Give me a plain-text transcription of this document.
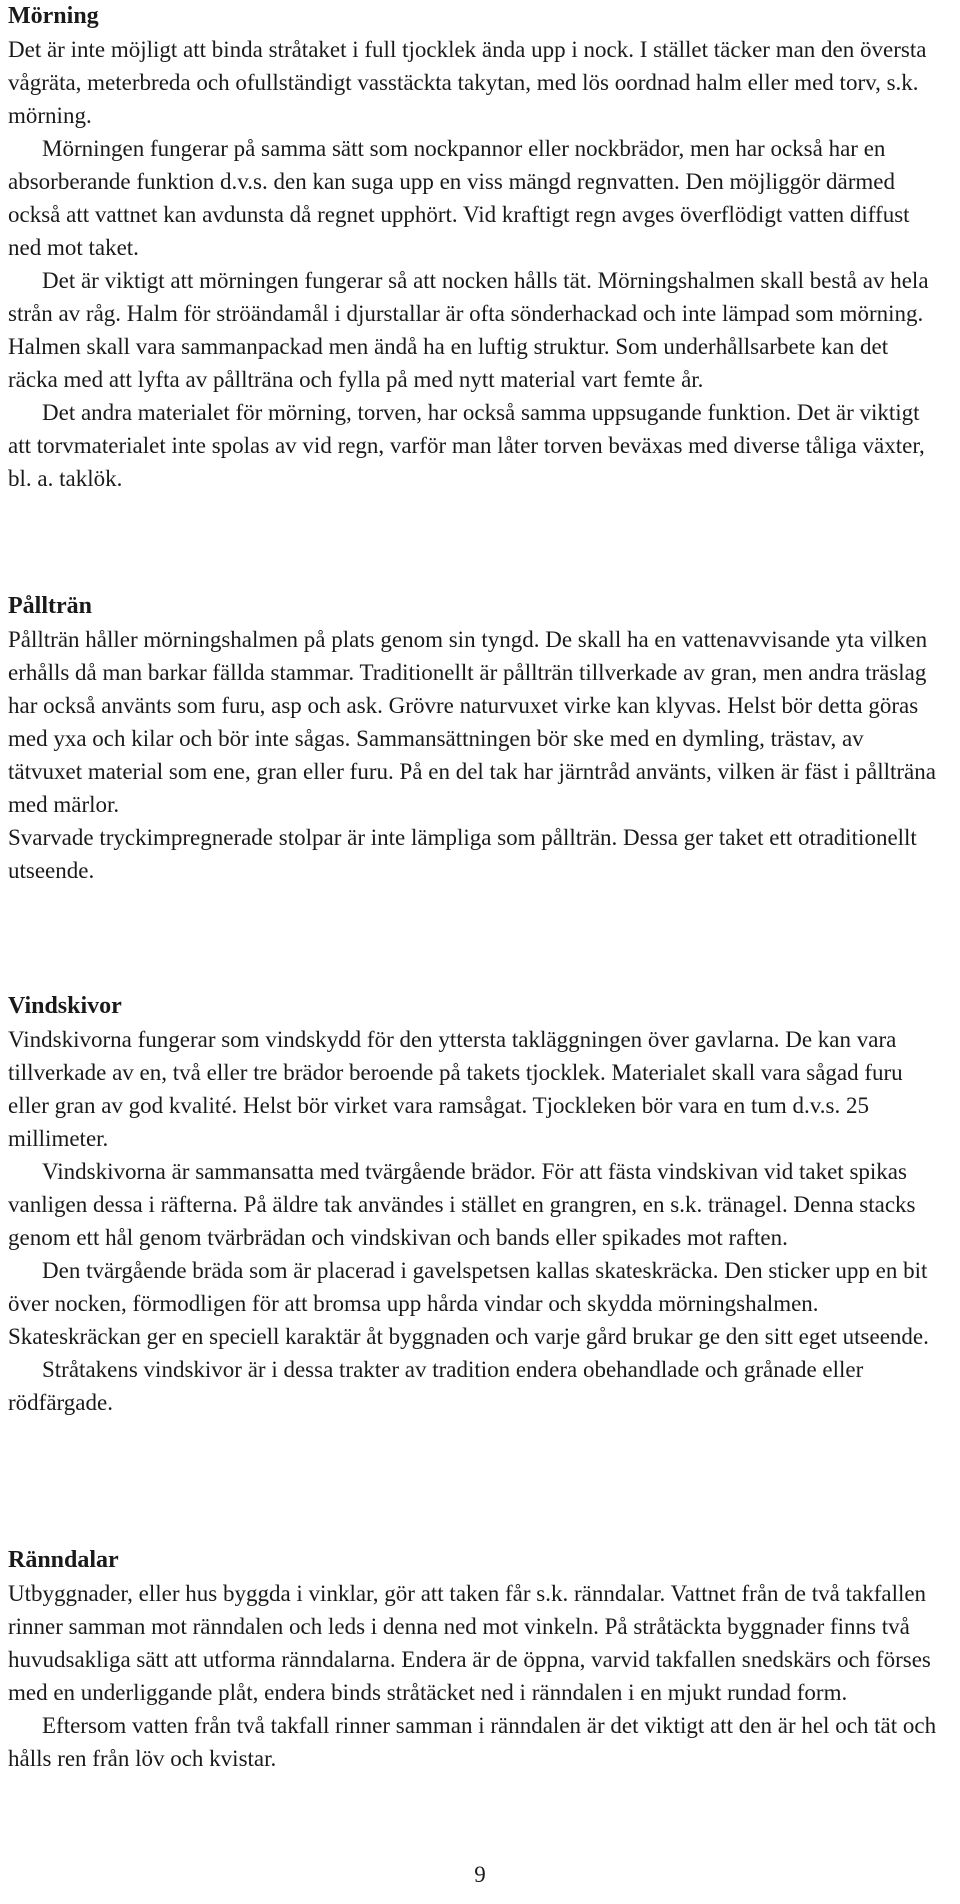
Mörning

Det är inte möjligt att binda stråtaket i full tjocklek ända upp i nock. I stället täcker man den översta vågräta, meterbreda och ofullständigt vasstäckta takytan, med lös oordnad halm eller med torv, s.k. mörning.

Mörningen fungerar på samma sätt som nockpannor eller nockbrädor, men har också har en absorberande funktion d.v.s. den kan suga upp en viss mängd regnvatten. Den möjliggör därmed också att vattnet kan avdunsta då regnet upphört. Vid kraftigt regn avges överflödigt vatten diffust ned mot taket.

Det är viktigt att mörningen fungerar så att nocken hålls tät. Mörningshalmen skall bestå av hela strån av råg. Halm för ströändamål i djurstallar är ofta sönderhackad och inte lämpad som mörning. Halmen skall vara sammanpackad men ändå ha en luftig struktur. Som underhållsarbete kan det räcka med att lyfta av pållträna och fylla på med nytt material vart femte år.

Det andra materialet för mörning, torven, har också samma uppsugande funktion. Det är viktigt att torvmaterialet inte spolas av vid regn, varför man låter torven beväxas med diverse tåliga växter, bl. a. taklök.

Pållträn

Pållträn håller mörningshalmen på plats genom sin tyngd. De skall ha en vattenavvisande yta vilken erhålls då man barkar fällda stammar. Traditionellt är pållträn tillverkade av gran, men andra träslag har också använts som furu, asp och ask. Grövre naturvuxet virke kan klyvas. Helst bör detta göras med yxa och kilar och bör inte sågas. Sammansättningen bör ske med en dymling, trästav, av tätvuxet material som ene, gran eller furu. På en del tak har järntråd använts, vilken är fäst i pållträna med märlor.

Svarvade tryckimpregnerade stolpar är inte lämpliga som pållträn. Dessa ger taket ett otraditionellt utseende.

Vindskivor

Vindskivorna fungerar som vindskydd för den yttersta takläggningen över gavlarna. De kan vara tillverkade av en, två eller tre brädor beroende på takets tjocklek. Materialet skall vara sågad furu eller gran av god kvalité. Helst bör virket vara ramsågat. Tjockleken bör vara en tum d.v.s. 25 millimeter.

Vindskivorna är sammansatta med tvärgående brädor. För att fästa vindskivan vid taket spikas vanligen dessa i räfterna. På äldre tak användes i stället en grangren, en s.k. tränagel. Denna stacks genom ett hål genom tvärbrädan och vindskivan och bands eller spikades mot raften.

Den tvärgående bräda som är placerad i gavelspetsen kallas skateskräcka. Den sticker upp en bit över nocken, förmodligen för att bromsa upp hårda vindar och skydda mörningshalmen. Skateskräckan ger en speciell karaktär åt byggnaden och varje gård brukar ge den sitt eget utseende.

Stråtakens vindskivor är i dessa trakter av tradition endera obehandlade och grånade eller rödfärgade.

Ränndalar

Utbyggnader, eller hus byggda i vinklar, gör att taken får s.k. ränndalar. Vattnet från de två takfallen rinner samman mot ränndalen och leds i denna ned mot vinkeln. På stråtäckta byggnader finns två huvudsakliga sätt att utforma ränndalarna. Endera är de öppna, varvid takfallen snedskärs och förses med en underliggande plåt, endera binds stråtäcket ned i ränndalen i en mjukt rundad form.

Eftersom vatten från två takfall rinner samman i ränndalen är det viktigt att den är hel och tät och hålls ren från löv och kvistar.

9
